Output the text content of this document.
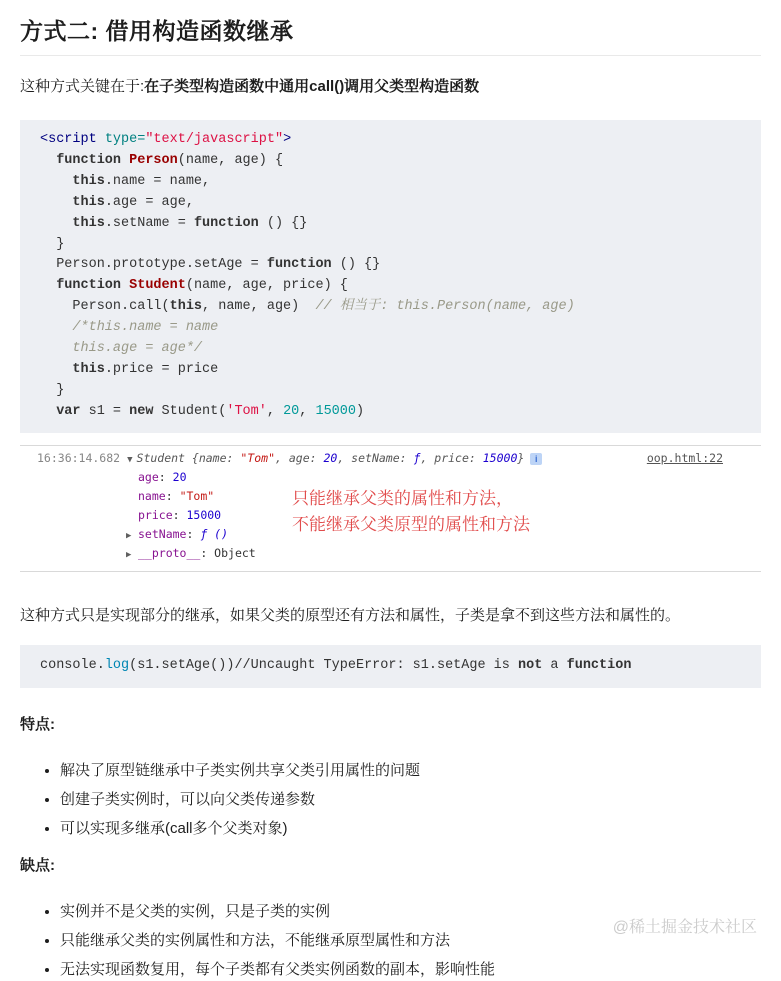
方式二: 借用构造函数继承

这种方式关键在于:在子类型构造函数中通用call()调用父类型构造函数

<script type="text/javascript">
function Person(name, age) {
this.name = name,
this.age = age,
this.setName = function () {}
}
Person.prototype.setAge = function () {}
function Student(name, age, price) {
Person.call(this, name, age)  // 相当于: this.Person(name, age)
/*this.name = name
this.age = age*/
this.price = price
}
var s1 = new Student('Tom', 20, 15000)
16:36:14.682 ▼ Student {name: "Tom", age: 20, setName: ƒ, price: 15000}	i	oop.html:22
age : 20
name : "Tom"
price : 15000
▶ setName : ƒ ()
▶ __proto__ : Object
只能继承父类的属性和方法，
不能继承父类原型的属性和方法

这种方式只是实现部分的继承，如果父类的原型还有方法和属性，子类是拿不到这些方法和属性的。

console.log(s1.setAge())//Uncaught TypeError: s1.setAge is not a function
特点:
• 解决了原型链继承中子类实例共享父类引用属性的问题
• 创建子类实例时，可以向父类传递参数
• 可以实现多继承(call多个父类对象)
缺点:
• 实例并不是父类的实例，只是子类的实例
• 只能继承父类的实例属性和方法，不能继承原型属性和方法
• 无法实现函数复用，每个子类都有父类实例函数的副本，影响性能
@稀土掘金技术社区
